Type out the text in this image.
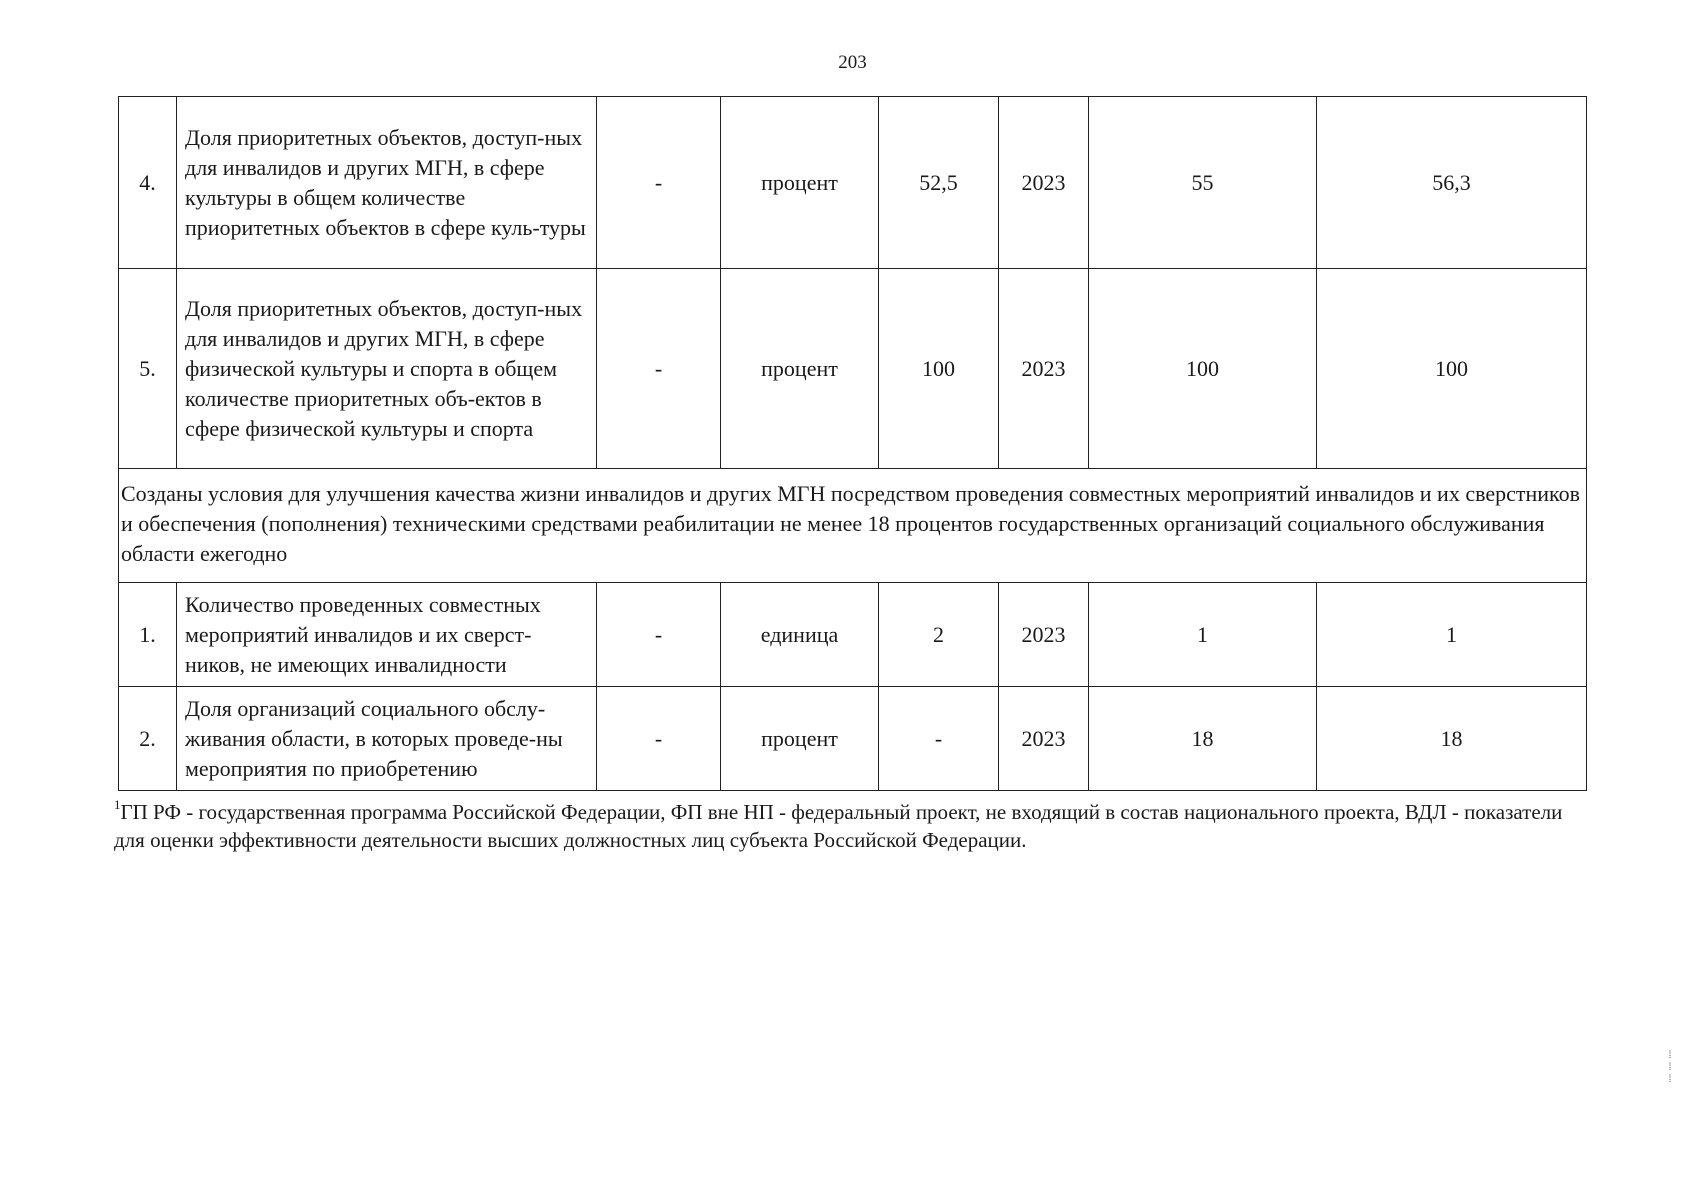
203
4.	Доля приоритетных объектов, доступ-ных для инвалидов и других МГН, в сфере культуры в общем количестве приоритетных объектов в сфере куль-туры	-	процент	52,5	2023	55	56,3
5.	Доля приоритетных объектов, доступ-ных для инвалидов и других МГН, в сфере физической культуры и спорта в общем количестве приоритетных объ-ектов в сфере физической культуры и спорта	-	процент	100	2023	100	100
Созданы условия для улучшения качества жизни инвалидов и других МГН посредством проведения совместных мероприятий инвалидов и их сверстников и обеспечения (пополнения) техническими средствами реабилитации не менее 18 процентов государственных организаций социального обслуживания области ежегодно							
1.	Количество проведенных совместных мероприятий инвалидов и их сверст-ников, не имеющих инвалидности	-	единица	2	2023	1	1
2.	Доля организаций социального обслу-живания области, в которых проведе-ны мероприятия по приобретению	-	процент	-	2023	18	18
$^1$ГП РФ - государственная программа Российской Федерации, ФП вне НП - федеральный проект, не входящий в состав национального проекта, ВДЛ - показатели для оценки эффективности деятельности высших должностных лиц субъекта Российской Федерации.
⁞
⁞
⁞
